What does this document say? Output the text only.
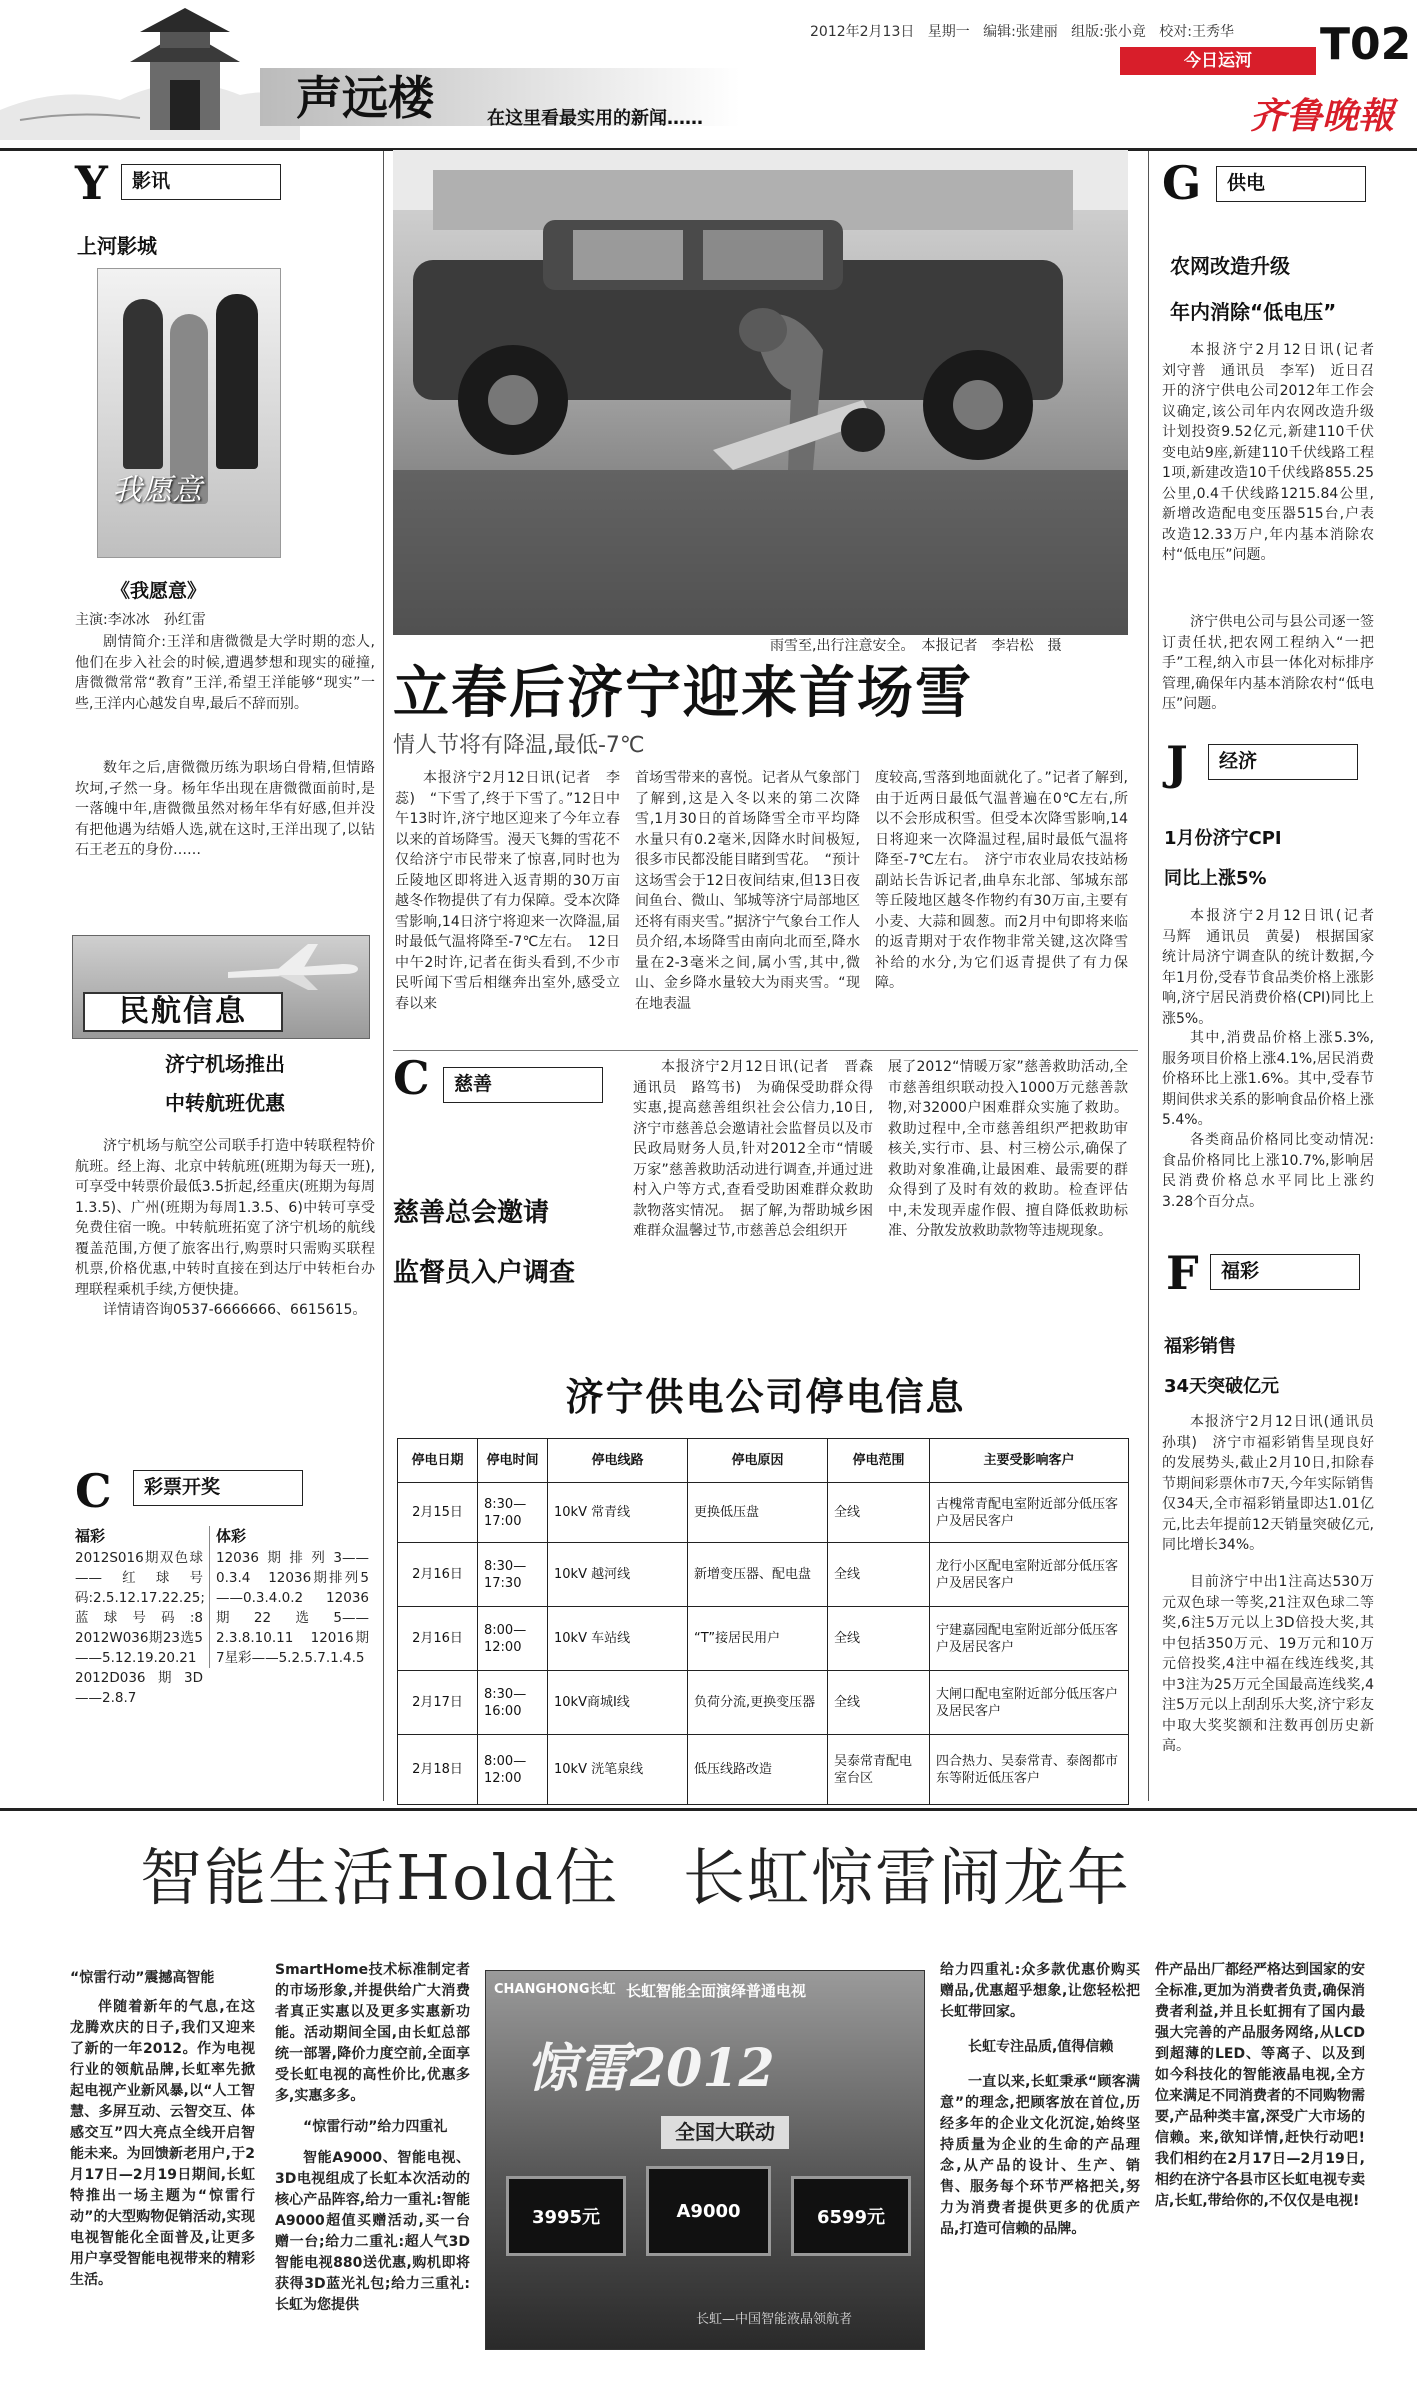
2012年2月13日 星期一 编辑:张建丽 组版:张小竟 校对:王秀华 T02
今日运河
声远楼	在这里看最实用的新闻……	齐鲁晚報
Y	影讯
上河影城
我愿意
《我愿意》
主演:李冰冰　孙红雷
剧情简介:王洋和唐微微是大学时期的恋人,他们在步入社会的时候,遭遇梦想和现实的碰撞,唐微微常常“教育”王洋,希望王洋能够“现实”一些,王洋内心越发自卑,最后不辞而别。
数年之后,唐微微历练为职场白骨精,但情路坎坷,孑然一身。杨年华出现在唐微微面前时,是一落魄中年,唐微微虽然对杨年华有好感,但并没有把他遇为结婚人选,就在这时,王洋出现了,以钻石王老五的身份……
民航信息
济宁机场推出
中转航班优惠
济宁机场与航空公司联手打造中转联程特价航班。经上海、北京中转航班(班期为每天一班),可享受中转票价最低3.5折起,经重庆(班期为每周1.3.5)、广州(班期为每周1.3.5、6)中转可享受免费住宿一晚。中转航班拓宽了济宁机场的航线覆盖范围,方便了旅客出行,购票时只需购买联程机票,价格优惠,中转时直接在到达厅中转柜台办理联程乘机手续,方便快捷。
详情请咨询0537-6666666、6615615。
C	彩票开奖
福彩
2012S016期双色球——红球号码:2.5.12.17.22.25;蓝球号码:8　2012W036期23选5——5.12.19.20.21　2012D036期3D——2.8.7
体彩
12036期排列3——0.3.4　12036期排列5——0.3.4.0.2　12036期22选5——2.3.8.10.11　12016期7星彩——5.2.5.7.1.4.5
雨雪至,出行注意安全。　本报记者　李岩松　摄
立春后济宁迎来首场雪
情人节将有降温,最低-7℃
本报济宁2月12日讯(记者　李蕊)　“下雪了,终于下雪了。”12日中午13时许,济宁地区迎来了今年立春以来的首场降雪。漫天飞舞的雪花不仅给济宁市民带来了惊喜,同时也为丘陵地区即将进入返青期的30万亩越冬作物提供了有力保障。受本次降雪影响,14日济宁将迎来一次降温,届时最低气温将降至-7℃左右。　12日中午2时许,记者在街头看到,不少市民听闻下雪后相继奔出室外,感受立春以来
首场雪带来的喜悦。记者从气象部门了解到,这是入冬以来的第二次降雪,1月30日的首场降雪全市平均降水量只有0.2毫米,因降水时间极短,很多市民都没能目睹到雪花。　“预计这场雪会于12日夜间结束,但13日夜间鱼台、微山、邹城等济宁局部地区还将有雨夹雪。”据济宁气象台工作人员介绍,本场降雪由南向北而至,降水量在2-3毫米之间,属小雪,其中,微山、金乡降水量较大为雨夹雪。“现在地表温
度较高,雪落到地面就化了。”记者了解到,由于近两日最低气温普遍在0℃左右,所以不会形成积雪。但受本次降雪影响,14日将迎来一次降温过程,届时最低气温将降至-7℃左右。　济宁市农业局农技站杨副站长告诉记者,曲阜东北部、邹城东部等丘陵地区越冬作物约有30万亩,主要有小麦、大蒜和圆葱。而2月中旬即将来临的返青期对于农作物非常关键,这次降雪补给的水分,为它们返青提供了有力保障。
C	慈善
慈善总会邀请
监督员入户调查
本报济宁2月12日讯(记者　晋森　通讯员　路笃书)　为确保受助群众得实惠,提高慈善组织社会公信力,10日,济宁市慈善总会邀请社会监督员以及市民政局财务人员,针对2012全市“情暖万家”慈善救助活动进行调查,并通过进村入户等方式,查看受助困难群众救助款物落实情况。　据了解,为帮助城乡困难群众温馨过节,市慈善总会组织开
展了2012“情暖万家”慈善救助活动,全市慈善组织联动投入1000万元慈善款物,对32000户困难群众实施了救助。救助过程中,全市慈善组织严把救助审核关,实行市、县、村三榜公示,确保了救助对象准确,让最困难、最需要的群众得到了及时有效的救助。检查评估中,未发现弄虚作假、擅自降低救助标准、分散发放救助款物等违规现象。
济宁供电公司停电信息
停电日期	停电时间	停电线路	停电原因	停电范围	主要受影响客户
2月15日	8:30—17:00	10kV 常青线	更换低压盘	全线	古槐常青配电室附近部分低压客户及居民客户
2月16日	8:30—17:30	10kV 越河线	新增变压器、配电盘	全线	龙行小区配电室附近部分低压客户及居民客户
2月16日	8:00—12:00	10kV 车站线	“T”接居民用户	全线	宁建嘉园配电室附近部分低压客户及居民客户
2月17日	8:30—16:00	10kV商城Ⅰ线	负荷分流,更换变压器	全线	大闸口配电室附近部分低压客户及居民客户
2月18日	8:00—12:00	10kV 洸笔泉线	低压线路改造	吴泰常青配电室台区	四合热力、吴泰常青、泰阁都市东等附近低压客户
G	供电
农网改造升级
年内消除“低电压”
本报济宁2月12日讯(记者　刘守普　通讯员　李军)　近日召开的济宁供电公司2012年工作会议确定,该公司年内农网改造升级计划投资9.52亿元,新建110千伏变电站9座,新建110千伏线路工程1项,新建改造10千伏线路855.25公里,0.4千伏线路1215.84公里,新增改造配电变压器515台,户表改造12.33万户,年内基本消除农村“低电压”问题。
济宁供电公司与县公司逐一签订责任状,把农网工程纳入“一把手”工程,纳入市县一体化对标排序管理,确保年内基本消除农村“低电压”问题。
J	经济
1月份济宁CPI
同比上涨5%
本报济宁2月12日讯(记者　马辉　通讯员　黄晏)　根据国家统计局济宁调查队的统计数据,今年1月份,受春节食品类价格上涨影响,济宁居民消费价格(CPI)同比上涨5%。
其中,消费品价格上涨5.3%,服务项目价格上涨4.1%,居民消费价格环比上涨1.6%。其中,受春节期间供求关系的影响食品价格上涨5.4%。
各类商品价格同比变动情况:食品价格同比上涨10.7%,影响居民消费价格总水平同比上涨约3.28个百分点。
F	福彩
福彩销售
34天突破亿元
本报济宁2月12日讯(通讯员　孙琪)　济宁市福彩销售呈现良好的发展势头,截止2月10日,扣除春节期间彩票休市7天,今年实际销售仅34天,全市福彩销量即达1.01亿元,比去年提前12天销量突破亿元,同比增长34%。
目前济宁中出1注高达530万元双色球一等奖,21注双色球二等奖,6注5万元以上3D倍投大奖,其中包括350万元、19万元和10万元倍投奖,4注中福在线连线奖,其中3注为25万元全国最高连线奖,4注5万元以上刮刮乐大奖,济宁彩友中取大奖奖额和注数再创历史新高。
智能生活Hold住　长虹惊雷闹龙年
“惊雷行动”震撼高智能
伴随着新年的气息,在这龙腾欢庆的日子,我们又迎来了新的一年2012。作为电视行业的领航品牌,长虹率先掀起电视产业新风暴,以“人工智慧、多屏互动、云智交互、体感交互”四大亮点全线开启智能未来。为回馈新老用户,于2月17日—2月19日期间,长虹特推出一场主题为“惊雷行动”的大型购物促销活动,实现电视智能化全面普及,让更多用户享受智能电视带来的精彩生活。
SmartHome技术标准制定者的市场形象,并提供给广大消费者真正实惠以及更多实惠新功能。活动期间全国,由长虹总部统一部署,降价力度空前,全面享受长虹电视的高性价比,优惠多多,实惠多多。
“惊雷行动”给力四重礼
智能A9000、智能电视、3D电视组成了长虹本次活动的核心产品阵容,给力一重礼:智能A9000超值买赠活动,买一台赠一台;给力二重礼:超人气3D智能电视880送优惠,购机即将获得3D蓝光礼包;给力三重礼:长虹为您提供
CHANGHONG长虹 长虹智能全面演绎普通电视
惊雷2012
全国大联动
3995元	A9000	6599元
长虹—中国智能液晶领航者
给力四重礼:众多款优惠价购买赠品,优惠超乎想象,让您轻松把长虹带回家。
长虹专注品质,值得信赖
一直以来,长虹秉承“顾客满意”的理念,把顾客放在首位,历经多年的企业文化沉淀,始终坚持质量为企业的生命的产品理念,从产品的设计、生产、销售、服务每个环节严格把关,努力为消费者提供更多的优质产品,打造可信赖的品牌。
件产品出厂都经严格达到国家的安全标准,更加为消费者负责,确保消费者利益,并且长虹拥有了国内最强大完善的产品服务网络,从LCD到超薄的LED、等离子、以及到如今科技化的智能液晶电视,全方位来满足不同消费者的不同购物需要,产品种类丰富,深受广大市场的信赖。来,欲知详情,赶快行动吧!我们相约在2月17日—2月19日,相约在济宁各县市区长虹电视专卖店,长虹,带给你的,不仅仅是电视!
